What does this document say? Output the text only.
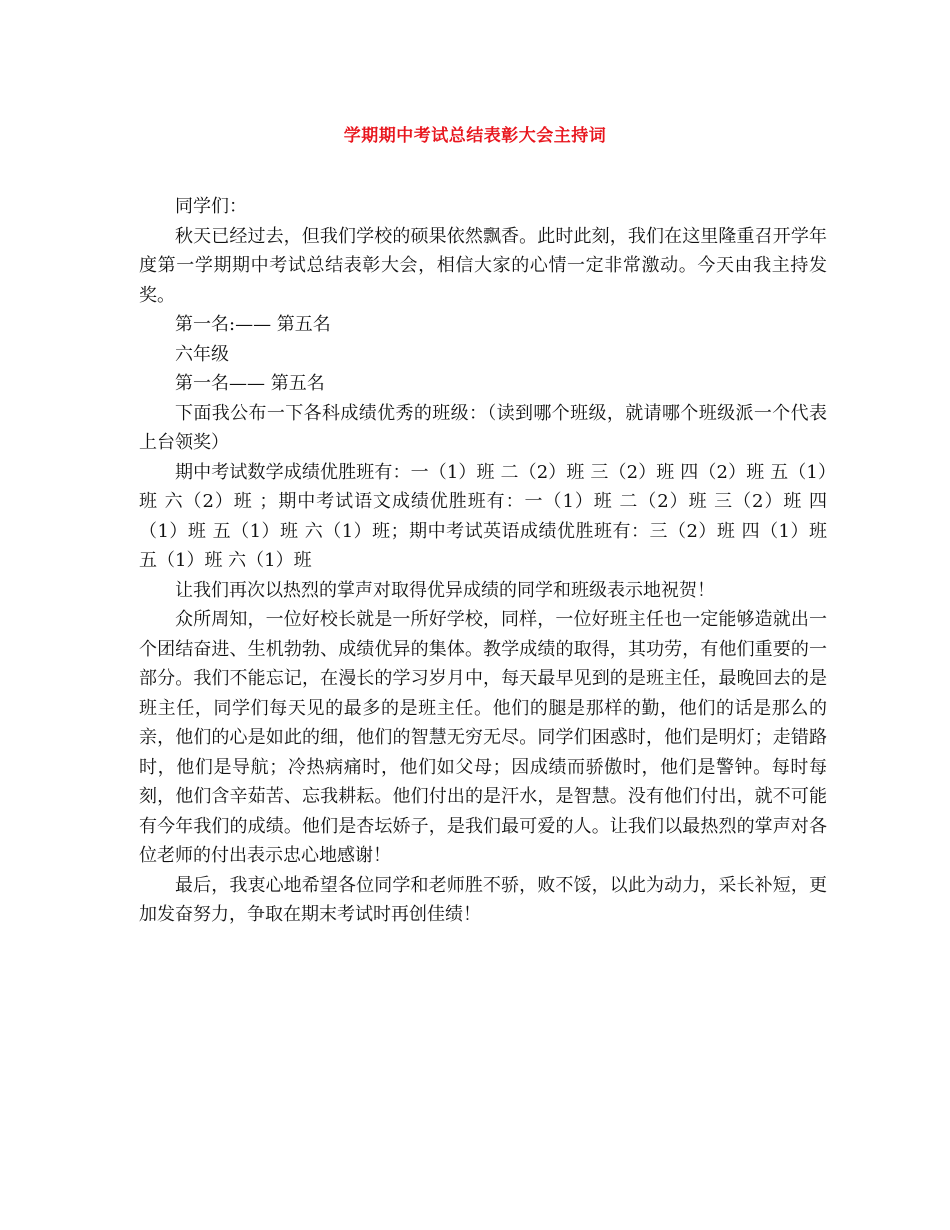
学期期中考试总结表彰大会主持词

同学们：

秋天已经过去，但我们学校的硕果依然飘香。此时此刻，我们在这里隆重召开学年度第一学期期中考试总结表彰大会，相信大家的心情一定非常激动。今天由我主持发奖。

第一名:—— 第五名

六年级

第一名—— 第五名

下面我公布一下各科成绩优秀的班级：（读到哪个班级，就请哪个班级派一个代表上台领奖）

期中考试数学成绩优胜班有：一（1）班 二（2）班 三（2）班 四（2）班 五（1）班 六（2）班 ；期中考试语文成绩优胜班有：一（1）班 二（2）班 三（2）班 四（1）班 五（1）班 六（1）班；期中考试英语成绩优胜班有：三（2）班 四（1）班 五（1）班 六（1）班

让我们再次以热烈的掌声对取得优异成绩的同学和班级表示地祝贺！

众所周知，一位好校长就是一所好学校，同样，一位好班主任也一定能够造就出一个团结奋进、生机勃勃、成绩优异的集体。教学成绩的取得，其功劳，有他们重要的一部分。我们不能忘记，在漫长的学习岁月中，每天最早见到的是班主任，最晚回去的是班主任，同学们每天见的最多的是班主任。他们的腿是那样的勤，他们的话是那么的亲，他们的心是如此的细，他们的智慧无穷无尽。同学们困惑时，他们是明灯；走错路时，他们是导航；冷热病痛时，他们如父母；因成绩而骄傲时，他们是警钟。每时每刻，他们含辛茹苦、忘我耕耘。他们付出的是汗水，是智慧。没有他们付出，就不可能有今年我们的成绩。他们是杏坛娇子，是我们最可爱的人。让我们以最热烈的掌声对各位老师的付出表示忠心地感谢！

最后，我衷心地希望各位同学和老师胜不骄，败不馁，以此为动力，采长补短，更加发奋努力，争取在期末考试时再创佳绩！
